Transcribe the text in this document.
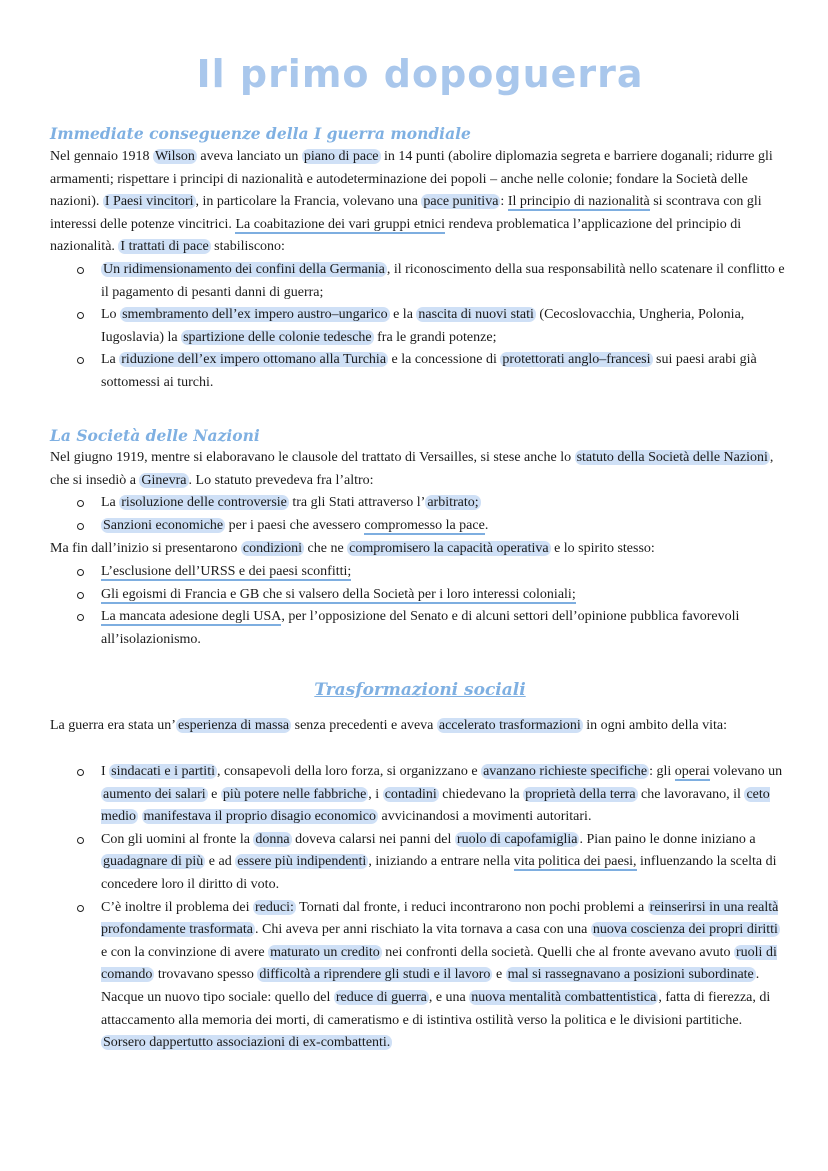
Il primo dopoguerra
Immediate conseguenze della I guerra mondiale

Nel gennaio 1918 Wilson aveva lanciato un piano di pace in 14 punti (abolire diplomazia segreta e barriere doganali; ridurre gli armamenti; rispettare i principi di nazionalità e autodeterminazione dei popoli – anche nelle colonie; fondare la Società delle nazioni). I Paesi vincitori , in particolare la Francia, volevano una pace punitiva : Il principio di nazionalità si scontrava con gli interessi delle potenze vincitrici. La coabitazione dei vari gruppi etnici rendeva problematica l’applicazione del principio di nazionalità. I trattati di pace stabiliscono:

Un ridimensionamento dei confini della Germania , il riconoscimento della sua responsabilità nello scatenare il conflitto e il pagamento di pesanti danni di guerra;
Lo smembramento dell’ex impero austro–ungarico e la nascita di nuovi stati (Cecoslovacchia, Ungheria, Polonia, Iugoslavia) la spartizione delle colonie tedesche fra le grandi potenze;
La riduzione dell’ex impero ottomano alla Turchia e la concessione di protettorati anglo–francesi sui paesi arabi già sottomessi ai turchi.
La Società delle Nazioni

Nel giugno 1919, mentre si elaboravano le clausole del trattato di Versailles, si stese anche lo statuto della Società delle Nazioni , che si insediò a Ginevra . Lo statuto prevedeva fra l’altro:

La risoluzione delle controversie tra gli Stati attraverso l’ arbitrato;
Sanzioni economiche per i paesi che avessero compromesso la pace.

Ma fin dall’inizio si presentarono condizioni che ne compromisero la capacità operativa e lo spirito stesso:

L’esclusione dell’URSS e dei paesi sconfitti;
Gli egoismi di Francia e GB che si valsero della Società per i loro interessi coloniali;
La mancata adesione degli USA, per l’opposizione del Senato e di alcuni settori dell’opinione pubblica favorevoli all’isolazionismo.
Trasformazioni sociali

La guerra era stata un’ esperienza di massa senza precedenti e aveva accelerato trasformazioni in ogni ambito della vita:

I sindacati e i partiti , consapevoli della loro forza, si organizzano e avanzano richieste specifiche : gli operai volevano un aumento dei salari e più potere nelle fabbriche , i contadini chiedevano la proprietà della terra che lavoravano, il ceto medio manifestava il proprio disagio economico avvicinandosi a movimenti autoritari.
Con gli uomini al fronte la donna doveva calarsi nei panni del ruolo di capofamiglia . Pian paino le donne iniziano a guadagnare di più e ad essere più indipendenti , iniziando a entrare nella vita politica dei paesi, influenzando la scelta di concedere loro il diritto di voto.
C’è inoltre il problema dei reduci: Tornati dal fronte, i reduci incontrarono non pochi problemi a reinserirsi in una realtà profondamente trasformata . Chi aveva per anni rischiato la vita tornava a casa con una nuova coscienza dei propri diritti e con la convinzione di avere maturato un credito nei confronti della società. Quelli che al fronte avevano avuto ruoli di comando trovavano spesso difficoltà a riprendere gli studi e il lavoro e mal si rassegnavano a posizioni subordinate . Nacque un nuovo tipo sociale: quello del reduce di guerra , e una nuova mentalità combattentistica , fatta di fierezza, di attaccamento alla memoria dei morti, di cameratismo e di istintiva ostilità verso la politica e le divisioni partitiche. Sorsero dappertutto associazioni di ex-combattenti.
